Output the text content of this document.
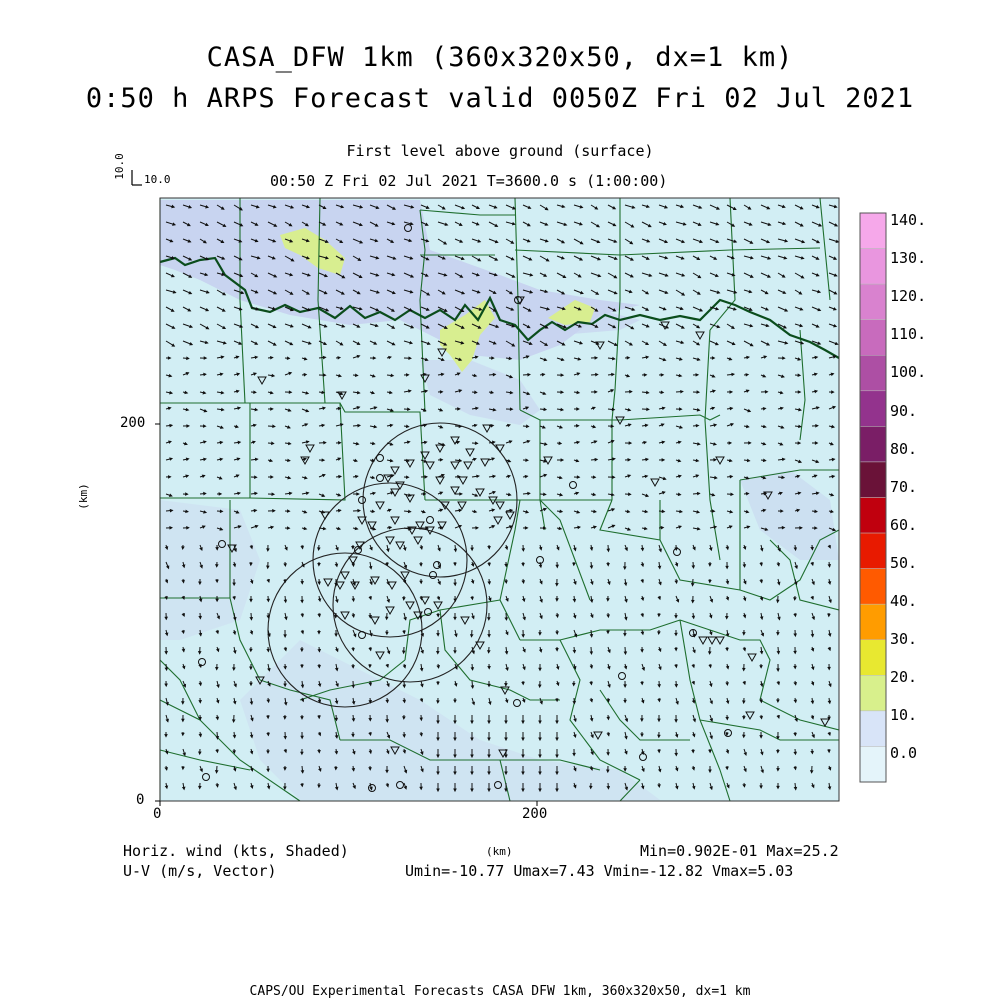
CASA_DFW 1km (360x320x50, dx=1 km)
0:50 h ARPS Forecast valid 0050Z Fri 02 Jul 2021
First level above ground (surface)
00:50 Z Fri 02 Jul 2021 T=3600.0 s (1:00:00)
0	200
0
200
(km)
(km)
10.0 10.0
140.
130.
120.
110.
100.
90.
80.
70.
60.
50.
40.
30.
20.
10.
0.0
Horiz. wind (kts, Shaded)
U-V (m/s, Vector)
Min=0.902E-01 Max=25.2
Umin=-10.77 Umax=7.43 Vmin=-12.82 Vmax=5.03
CAPS/OU Experimental Forecasts CASA DFW 1km, 360x320x50, dx=1 km
